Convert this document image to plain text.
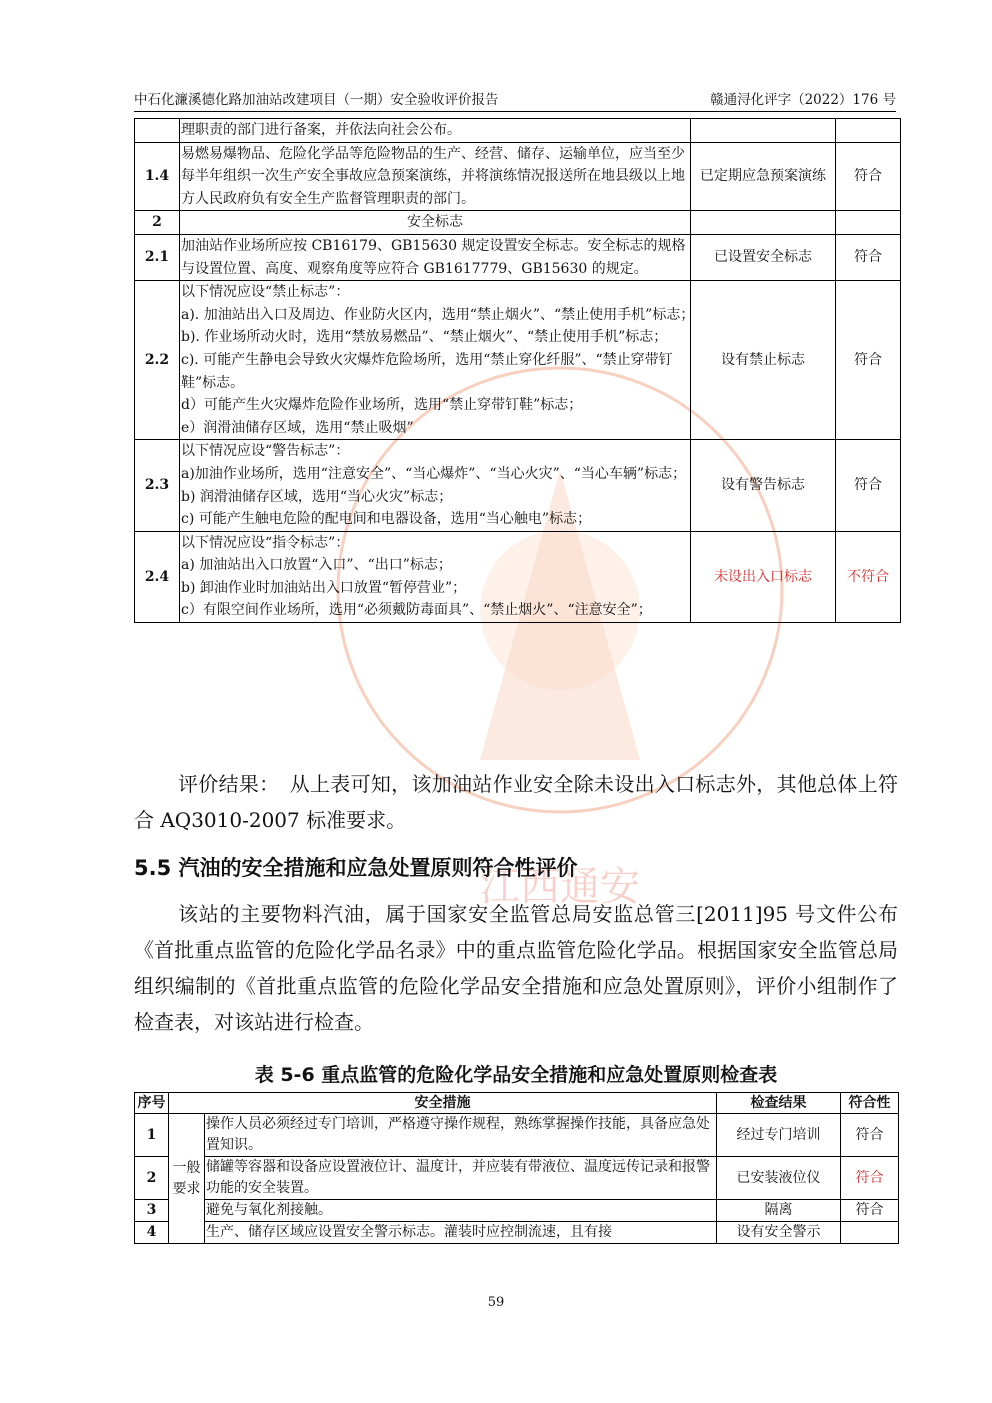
江西通安
中石化濂溪德化路加油站改建项目（一期）安全验收评价报告	赣通浔化评字（2022）176 号
	理职责的部门进行备案，并依法向社会公布。		
1.4	易燃易爆物品、危险化学品等危险物品的生产、经营、储存、运输单位，应当至少每半年组织一次生产安全事故应急预案演练，并将演练情况报送所在地县级以上地方人民政府负有安全生产监督管理职责的部门。	已定期应急预案演练	符合
2	安全标志		
2.1	加油站作业场所应按 CB16179、GB15630 规定设置安全标志。安全标志的规格与设置位置、高度、观察角度等应符合 GB1617779、GB15630 的规定。	已设置安全标志	符合
2.2	以下情况应设“禁止标志”：
a). 加油站出入口及周边、作业防火区内，选用“禁止烟火”、“禁止使用手机”标志；　　b). 作业场所动火时，选用“禁放易燃品”、“禁止烟火”、“禁止使用手机”标志；　　c). 可能产生静电会导致火灾爆炸危险场所，选用“禁止穿化纤服”、“禁止穿带钉鞋”标志。
d）可能产生火灾爆炸危险作业场所，选用“禁止穿带钉鞋”标志；
e）润滑油储存区域，选用“禁止吸烟”	设有禁止标志	符合
2.3	以下情况应设“警告标志”：
a)加油作业场所，选用“注意安全”、“当心爆炸”、“当心火灾”、“当心车辆”标志；　　b) 润滑油储存区域，选用“当心火灾”标志；
c) 可能产生触电危险的配电间和电器设备，选用“当心触电”标志；	设有警告标志	符合
2.4	以下情况应设“指令标志”：
a) 加油站出入口放置“入口”、“出口”标志；
b) 卸油作业时加油站出入口放置“暂停营业”；
c）有限空间作业场所，选用“必须戴防毒面具”、“禁止烟火”、“注意安全”；	未设出入口标志	不符合

评价结果：　从上表可知，该加油站作业安全除未设出入口标志外，其他总体上符合 AQ3010-2007 标准要求。

5.5 汽油的安全措施和应急处置原则符合性评价

该站的主要物料汽油，属于国家安全监管总局安监总管三[2011]95 号文件公布《首批重点监管的危险化学品名录》中的重点监管危险化学品。根据国家安全监管总局组织编制的《首批重点监管的危险化学品安全措施和应急处置原则》，评价小组制作了检查表，对该站进行检查。

表 5-6 重点监管的危险化学品安全措施和应急处置原则检查表

序号	安全措施		检查结果	符合性
1	一般要求	操作人员必须经过专门培训，严格遵守操作规程，熟练掌握操作技能，具备应急处置知识。	经过专门培训	符合
2		储罐等容器和设备应设置液位计、温度计，并应装有带液位、温度远传记录和报警功能的安全装置。	已安装液位仪	符合
3		避免与氧化剂接触。	隔离	符合
4		生产、储存区域应设置安全警示标志。灌装时应控制流速，且有接	设有安全警示	
59
